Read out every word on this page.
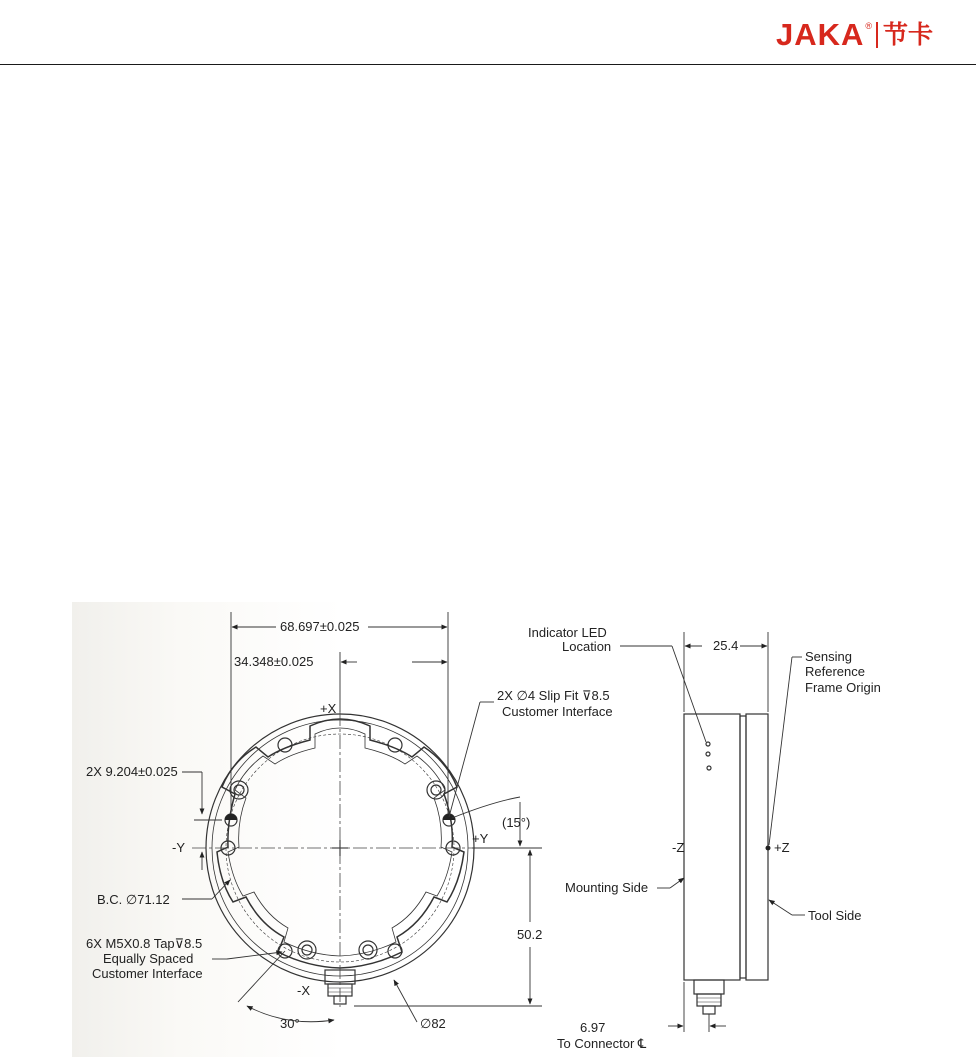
JAKA ® 节卡
68.697±0.025
34.348±0.025
+X
2X ∅4 Slip Fit ⊽8.5
Customer Interface
2X 9.204±0.025
(15°)
-Y
+Y
B.C. ∅71.12
50.2
6X M5X0.8 Tap⊽8.5
Equally Spaced
Customer Interface
-X
30°	∅82
Indicator LED
Location	25.4
Sensing
Reference
Frame Origin
-Z	+Z
Mounting Side
Tool Side
6.97
To Connector ℄
